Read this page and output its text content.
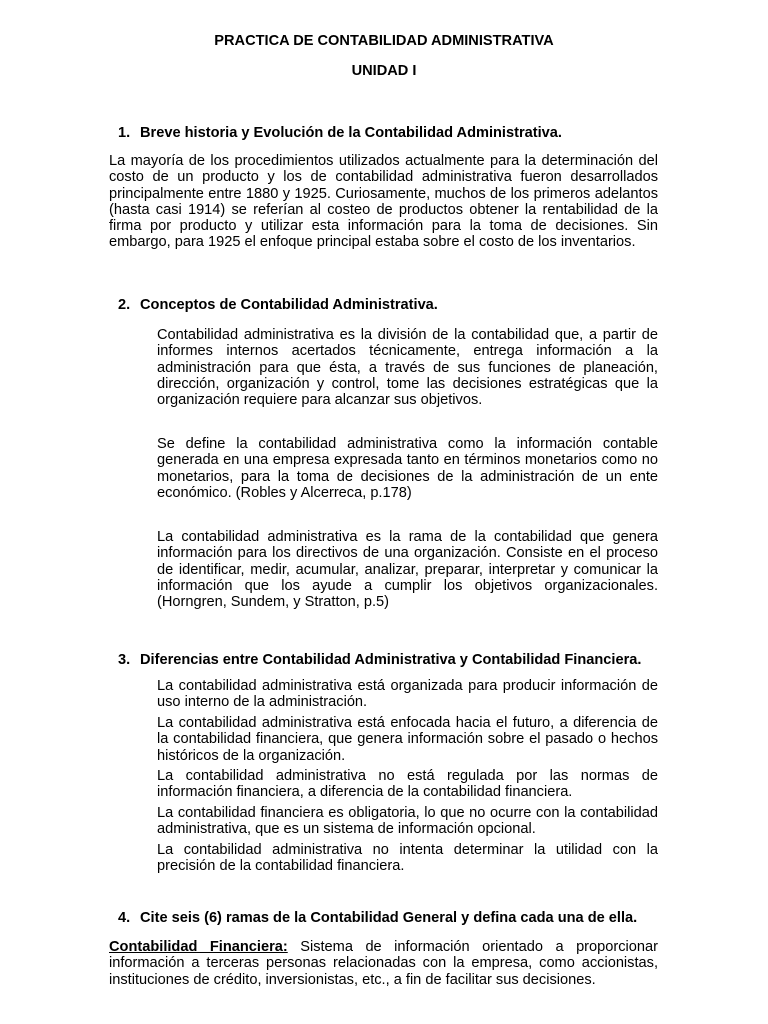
PRACTICA DE CONTABILIDAD ADMINISTRATIVA
UNIDAD I
1. Breve historia y Evolución de la Contabilidad Administrativa.

La mayoría de los procedimientos utilizados actualmente para la determinación del costo de un producto y los de contabilidad administrativa fueron desarrollados principalmente entre 1880 y 1925. Curiosamente, muchos de los primeros adelantos (hasta casi 1914) se referían al costeo de productos obtener la rentabilidad de la firma por producto y utilizar esta información para la toma de decisiones. Sin embargo, para 1925 el enfoque principal estaba sobre el costo de los inventarios.

2. Conceptos de Contabilidad Administrativa.

Contabilidad administrativa es la división de la contabilidad que, a partir de informes internos acertados técnicamente, entrega información a la administración para que ésta, a través de sus funciones de planeación, dirección, organización y control, tome las decisiones estratégicas que la organización requiere para alcanzar sus objetivos.

Se define la contabilidad administrativa como la información contable generada en una empresa expresada tanto en términos monetarios como no monetarios, para la toma de decisiones de la administración de un ente económico. (Robles y Alcerreca, p.178)

La contabilidad administrativa es la rama de la contabilidad que genera información para los directivos de una organización. Consiste en el proceso de identificar, medir, acumular, analizar, preparar, interpretar y comunicar la información que los ayude a cumplir los objetivos organizacionales. (Horngren, Sundem, y Stratton, p.5)

3. Diferencias entre Contabilidad Administrativa y Contabilidad Financiera.

La contabilidad administrativa está organizada para producir información de uso interno de la administración.

La contabilidad administrativa está enfocada hacia el futuro, a diferencia de la contabilidad financiera, que genera información sobre el pasado o hechos históricos de la organización.

La contabilidad administrativa no está regulada por las normas de información financiera, a diferencia de la contabilidad financiera.

La contabilidad financiera es obligatoria, lo que no ocurre con la contabilidad administrativa, que es un sistema de información opcional.

La contabilidad administrativa no intenta determinar la utilidad con la precisión de la contabilidad financiera.

4. Cite seis (6) ramas de la Contabilidad General y defina cada una de ella.

Contabilidad Financiera: Sistema de información orientado a proporcionar información a terceras personas relacionadas con la empresa, como accionistas, instituciones de crédito, inversionistas, etc., a fin de facilitar sus decisiones.
